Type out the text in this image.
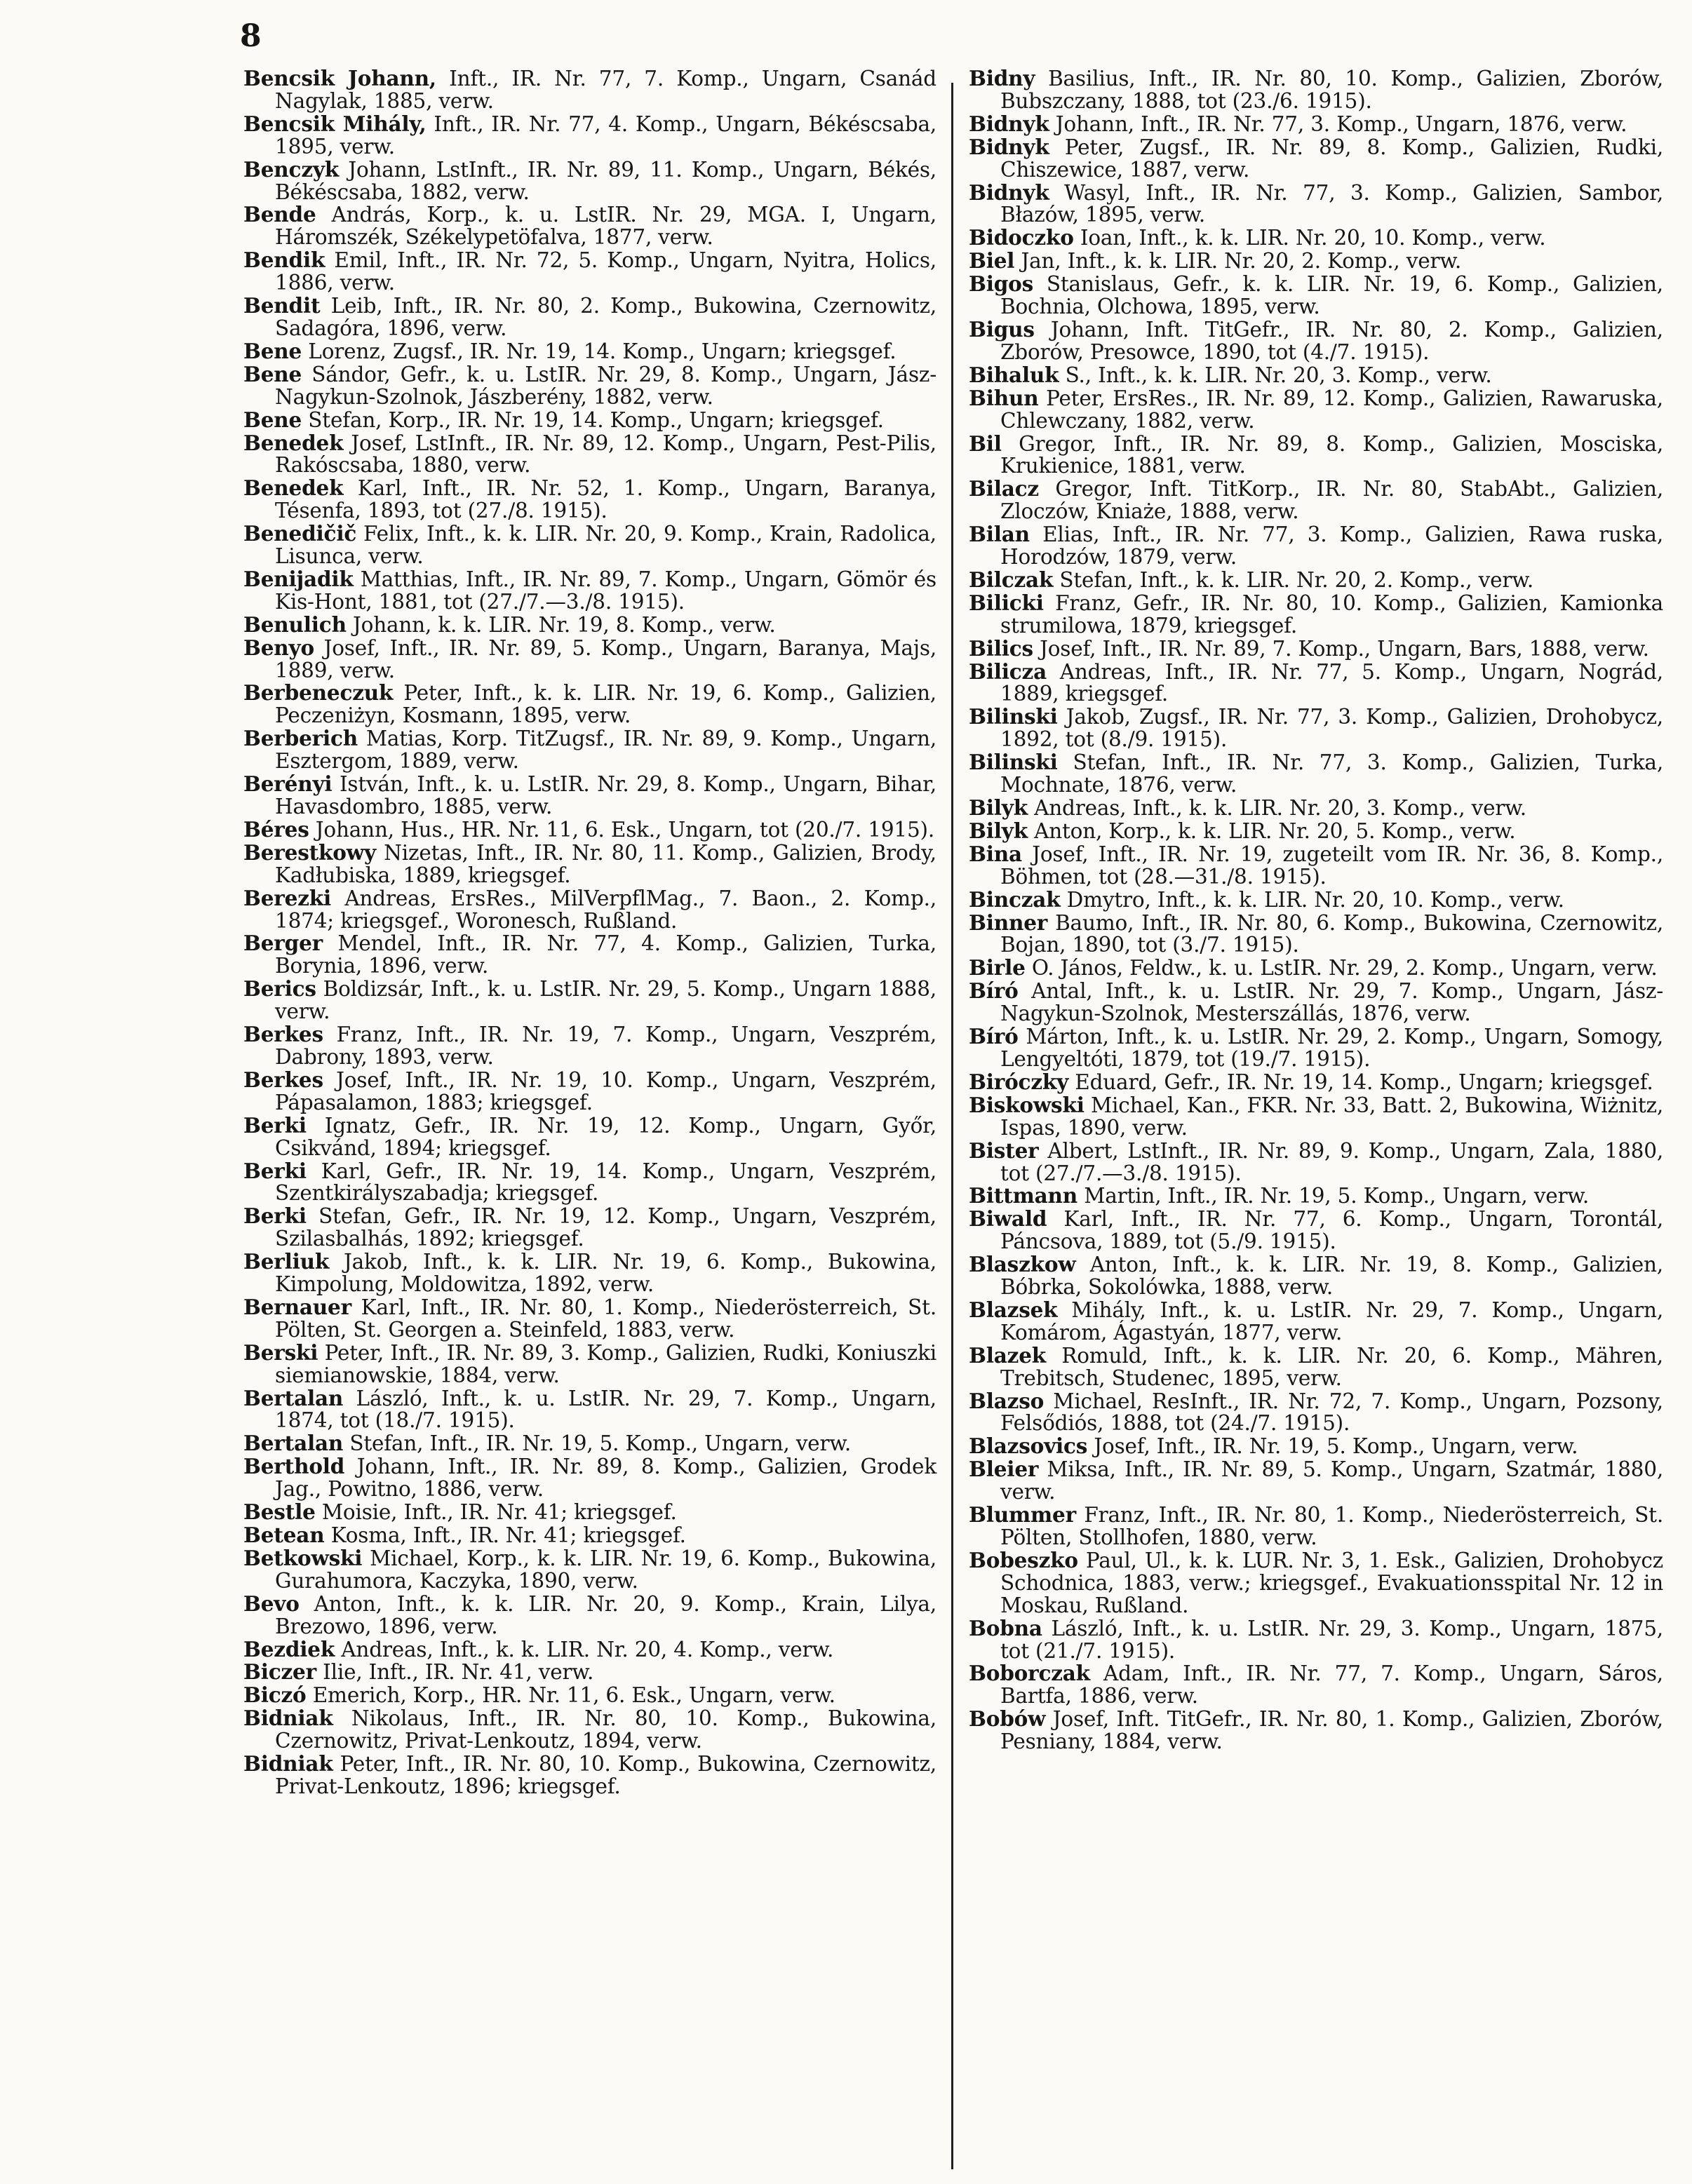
8

Bencsik Johann, Inft., IR. Nr. 77, 7. Komp., Ungarn, Csanád Nagylak, 1885, verw.

Bencsik Mihály, Inft., IR. Nr. 77, 4. Komp., Ungarn, Békéscsaba, 1895, verw.

Benczyk Johann, LstInft., IR. Nr. 89, 11. Komp., Ungarn, Békés, Békéscsaba, 1882, verw.

Bende András, Korp., k. u. LstIR. Nr. 29, MGA. I, Ungarn, Háromszék, Székelypetöfalva, 1877, verw.

Bendik Emil, Inft., IR. Nr. 72, 5. Komp., Ungarn, Nyitra, Holics, 1886, verw.

Bendit Leib, Inft., IR. Nr. 80, 2. Komp., Bukowina, Czernowitz, Sadagóra, 1896, verw.

Bene Lorenz, Zugsf., IR. Nr. 19, 14. Komp., Ungarn; kriegsgef.

Bene Sándor, Gefr., k. u. LstIR. Nr. 29, 8. Komp., Ungarn, Jász-Nagykun-Szolnok, Jászberény, 1882, verw.

Bene Stefan, Korp., IR. Nr. 19, 14. Komp., Ungarn; kriegsgef.

Benedek Josef, LstInft., IR. Nr. 89, 12. Komp., Ungarn, Pest-Pilis, Rakóscsaba, 1880, verw.

Benedek Karl, Inft., IR. Nr. 52, 1. Komp., Ungarn, Baranya, Tésenfa, 1893, tot (27./8. 1915).

Benedičič Felix, Inft., k. k. LIR. Nr. 20, 9. Komp., Krain, Radolica, Lisunca, verw.

Benijadik Matthias, Inft., IR. Nr. 89, 7. Komp., Ungarn, Gömör és Kis-Hont, 1881, tot (27./7.—3./8. 1915).

Benulich Johann, k. k. LIR. Nr. 19, 8. Komp., verw.

Benyo Josef, Inft., IR. Nr. 89, 5. Komp., Ungarn, Baranya, Majs, 1889, verw.

Berbeneczuk Peter, Inft., k. k. LIR. Nr. 19, 6. Komp., Galizien, Peczeniżyn, Kosmann, 1895, verw.

Berberich Matias, Korp. TitZugsf., IR. Nr. 89, 9. Komp., Ungarn, Esztergom, 1889, verw.

Berényi István, Inft., k. u. LstIR. Nr. 29, 8. Komp., Ungarn, Bihar, Havasdombro, 1885, verw.

Béres Johann, Hus., HR. Nr. 11, 6. Esk., Ungarn, tot (20./7. 1915).

Berestkowy Nizetas, Inft., IR. Nr. 80, 11. Komp., Galizien, Brody, Kadłubiska, 1889, kriegsgef.

Berezki Andreas, ErsRes., MilVerpflMag., 7. Baon., 2. Komp., 1874; kriegsgef., Woronesch, Rußland.

Berger Mendel, Inft., IR. Nr. 77, 4. Komp., Galizien, Turka, Borynia, 1896, verw.

Berics Boldizsár, Inft., k. u. LstIR. Nr. 29, 5. Komp., Ungarn 1888, verw.

Berkes Franz, Inft., IR. Nr. 19, 7. Komp., Ungarn, Veszprém, Dabrony, 1893, verw.

Berkes Josef, Inft., IR. Nr. 19, 10. Komp., Ungarn, Veszprém, Pápasalamon, 1883; kriegsgef.

Berki Ignatz, Gefr., IR. Nr. 19, 12. Komp., Ungarn, Győr, Csikvánd, 1894; kriegsgef.

Berki Karl, Gefr., IR. Nr. 19, 14. Komp., Ungarn, Veszprém, Szentkirályszabadja; kriegsgef.

Berki Stefan, Gefr., IR. Nr. 19, 12. Komp., Ungarn, Veszprém, Szilasbalhás, 1892; kriegsgef.

Berliuk Jakob, Inft., k. k. LIR. Nr. 19, 6. Komp., Bukowina, Kimpolung, Moldowitza, 1892, verw.

Bernauer Karl, Inft., IR. Nr. 80, 1. Komp., Niederösterreich, St. Pölten, St. Georgen a. Steinfeld, 1883, verw.

Berski Peter, Inft., IR. Nr. 89, 3. Komp., Galizien, Rudki, Koniuszki siemianowskie, 1884, verw.

Bertalan László, Inft., k. u. LstIR. Nr. 29, 7. Komp., Ungarn, 1874, tot (18./7. 1915).

Bertalan Stefan, Inft., IR. Nr. 19, 5. Komp., Ungarn, verw.

Berthold Johann, Inft., IR. Nr. 89, 8. Komp., Galizien, Grodek Jag., Powitno, 1886, verw.

Bestle Moisie, Inft., IR. Nr. 41; kriegsgef.

Betean Kosma, Inft., IR. Nr. 41; kriegsgef.

Betkowski Michael, Korp., k. k. LIR. Nr. 19, 6. Komp., Bukowina, Gurahumora, Kaczyka, 1890, verw.

Bevo Anton, Inft., k. k. LIR. Nr. 20, 9. Komp., Krain, Lilya, Brezowo, 1896, verw.

Bezdiek Andreas, Inft., k. k. LIR. Nr. 20, 4. Komp., verw.

Biczer Ilie, Inft., IR. Nr. 41, verw.

Biczó Emerich, Korp., HR. Nr. 11, 6. Esk., Ungarn, verw.

Bidniak Nikolaus, Inft., IR. Nr. 80, 10. Komp., Bukowina, Czernowitz, Privat-Lenkoutz, 1894, verw.

Bidniak Peter, Inft., IR. Nr. 80, 10. Komp., Bukowina, Czernowitz, Privat-Lenkoutz, 1896; kriegsgef.

Bidny Basilius, Inft., IR. Nr. 80, 10. Komp., Galizien, Zborów, Bubszczany, 1888, tot (23./6. 1915).

Bidnyk Johann, Inft., IR. Nr. 77, 3. Komp., Ungarn, 1876, verw.

Bidnyk Peter, Zugsf., IR. Nr. 89, 8. Komp., Galizien, Rudki, Chiszewice, 1887, verw.

Bidnyk Wasyl, Inft., IR. Nr. 77, 3. Komp., Galizien, Sambor, Błazów, 1895, verw.

Bidoczko Ioan, Inft., k. k. LIR. Nr. 20, 10. Komp., verw.

Biel Jan, Inft., k. k. LIR. Nr. 20, 2. Komp., verw.

Bigos Stanislaus, Gefr., k. k. LIR. Nr. 19, 6. Komp., Galizien, Bochnia, Olchowa, 1895, verw.

Bigus Johann, Inft. TitGefr., IR. Nr. 80, 2. Komp., Galizien, Zborów, Presowce, 1890, tot (4./7. 1915).

Bihaluk S., Inft., k. k. LIR. Nr. 20, 3. Komp., verw.

Bihun Peter, ErsRes., IR. Nr. 89, 12. Komp., Galizien, Rawaruska, Chlewczany, 1882, verw.

Bil Gregor, Inft., IR. Nr. 89, 8. Komp., Galizien, Mosciska, Krukienice, 1881, verw.

Bilacz Gregor, Inft. TitKorp., IR. Nr. 80, StabAbt., Galizien, Zloczów, Kniaże, 1888, verw.

Bilan Elias, Inft., IR. Nr. 77, 3. Komp., Galizien, Rawa ruska, Horodzów, 1879, verw.

Bilczak Stefan, Inft., k. k. LIR. Nr. 20, 2. Komp., verw.

Bilicki Franz, Gefr., IR. Nr. 80, 10. Komp., Galizien, Kamionka strumilowa, 1879, kriegsgef.

Bilics Josef, Inft., IR. Nr. 89, 7. Komp., Ungarn, Bars, 1888, verw.

Bilicza Andreas, Inft., IR. Nr. 77, 5. Komp., Ungarn, Nográd, 1889, kriegsgef.

Bilinski Jakob, Zugsf., IR. Nr. 77, 3. Komp., Galizien, Drohobycz, 1892, tot (8./9. 1915).

Bilinski Stefan, Inft., IR. Nr. 77, 3. Komp., Galizien, Turka, Mochnate, 1876, verw.

Bilyk Andreas, Inft., k. k. LIR. Nr. 20, 3. Komp., verw.

Bilyk Anton, Korp., k. k. LIR. Nr. 20, 5. Komp., verw.

Bina Josef, Inft., IR. Nr. 19, zugeteilt vom IR. Nr. 36, 8. Komp., Böhmen, tot (28.—31./8. 1915).

Binczak Dmytro, Inft., k. k. LIR. Nr. 20, 10. Komp., verw.

Binner Baumo, Inft., IR. Nr. 80, 6. Komp., Bukowina, Czernowitz, Bojan, 1890, tot (3./7. 1915).

Birle O. János, Feldw., k. u. LstIR. Nr. 29, 2. Komp., Ungarn, verw.

Bíró Antal, Inft., k. u. LstIR. Nr. 29, 7. Komp., Ungarn, Jász-Nagykun-Szolnok, Mesterszállás, 1876, verw.

Bíró Márton, Inft., k. u. LstIR. Nr. 29, 2. Komp., Ungarn, Somogy, Lengyeltóti, 1879, tot (19./7. 1915).

Biróczky Eduard, Gefr., IR. Nr. 19, 14. Komp., Ungarn; kriegsgef.

Biskowski Michael, Kan., FKR. Nr. 33, Batt. 2, Bukowina, Wiżnitz, Ispas, 1890, verw.

Bister Albert, LstInft., IR. Nr. 89, 9. Komp., Ungarn, Zala, 1880, tot (27./7.—3./8. 1915).

Bittmann Martin, Inft., IR. Nr. 19, 5. Komp., Ungarn, verw.

Biwald Karl, Inft., IR. Nr. 77, 6. Komp., Ungarn, Torontál, Páncsova, 1889, tot (5./9. 1915).

Blaszkow Anton, Inft., k. k. LIR. Nr. 19, 8. Komp., Galizien, Bóbrka, Sokolówka, 1888, verw.

Blazsek Mihály, Inft., k. u. LstIR. Nr. 29, 7. Komp., Ungarn, Komárom, Ágastyán, 1877, verw.

Blazek Romuld, Inft., k. k. LIR. Nr. 20, 6. Komp., Mähren, Trebitsch, Studenec, 1895, verw.

Blazso Michael, ResInft., IR. Nr. 72, 7. Komp., Ungarn, Pozsony, Felsődiós, 1888, tot (24./7. 1915).

Blazsovics Josef, Inft., IR. Nr. 19, 5. Komp., Ungarn, verw.

Bleier Miksa, Inft., IR. Nr. 89, 5. Komp., Ungarn, Szatmár, 1880, verw.

Blummer Franz, Inft., IR. Nr. 80, 1. Komp., Niederösterreich, St. Pölten, Stollhofen, 1880, verw.

Bobeszko Paul, Ul., k. k. LUR. Nr. 3, 1. Esk., Galizien, Drohobycz Schodnica, 1883, verw.; kriegsgef., Evakuationsspital Nr. 12 in Moskau, Rußland.

Bobna László, Inft., k. u. LstIR. Nr. 29, 3. Komp., Ungarn, 1875, tot (21./7. 1915).

Boborczak Adam, Inft., IR. Nr. 77, 7. Komp., Ungarn, Sáros, Bartfa, 1886, verw.

Bobów Josef, Inft. TitGefr., IR. Nr. 80, 1. Komp., Galizien, Zborów, Pesniany, 1884, verw.
